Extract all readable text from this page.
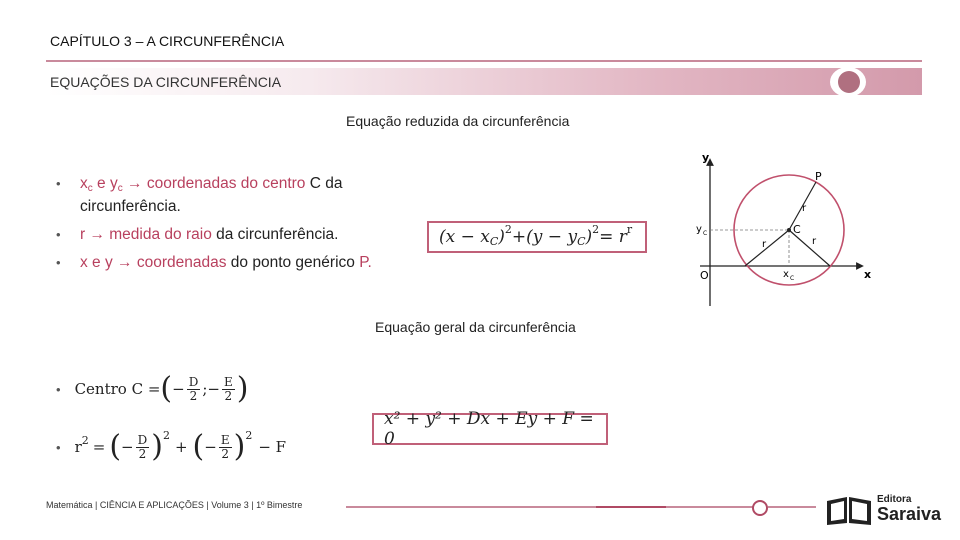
CAPÍTULO 3 – A CIRCUNFERÊNCIA
EQUAÇÕES DA CIRCUNFERÊNCIA
Equação reduzida da circunferência
• xc e yc → coordenadas do centro C da circunferência.
• r → medida do raio da circunferência.
• x e y → coordenadas do ponto genérico P.
(x − x C ) 2 +(y − y C ) 2 = r r
y
x
O
y C
x C
C
P
r
r	r
Equação geral da circunferência
• Centro C = ( − $\frac{D}{2}$ ; − $\frac{E}{2}$ )
• r 2 = ( − $\frac{D}{2}$ ) 2
+ ( − $\frac{E}{2}$ ) 2
− F
x² + y² + Dx + Ey + F = 0
Matemática | CIÊNCIA E APLICAÇÕES | Volume 3 | 1º Bimestre	Editora
Saraiva
